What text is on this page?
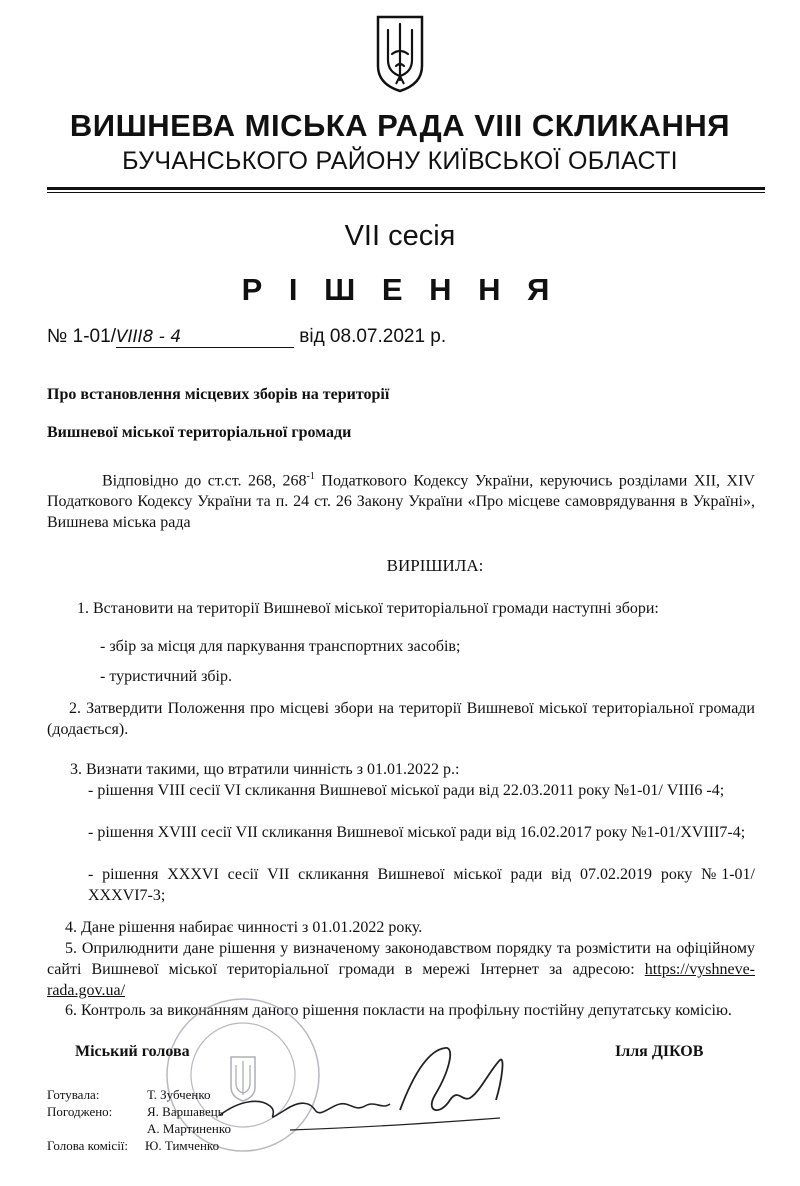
ВИШНЕВА МІСЬКА РАДА VIII СКЛИКАННЯ
БУЧАНСЬКОГО РАЙОНУ КИЇВСЬКОЇ ОБЛАСТІ
VII сесія
Р І Ш Е Н Н Я
№ 1-01/VIII8 - 4	від 08.07.2021 р.
Про встановлення місцевих зборів на території
Вишневої міської територіальної громади
Відповідно до ст.ст. 268, $268^{-1}$ Податкового Кодексу України, керуючись розділами XII, XIV Податкового Кодексу України та п. 24 ст. 26 Закону України «Про місцеве самоврядування в Україні», Вишнева міська рада
ВИРІШИЛА:
1. Встановити на території Вишневої міської територіальної громади наступні збори:
- збір за місця для паркування транспортних засобів;
- туристичний збір.
2. Затвердити Положення про місцеві збори на території Вишневої міської територіальної громади (додається).
3. Визнати такими, що втратили чинність з 01.01.2022 р.:
- рішення VIII сесії VI скликання Вишневої міської ради від 22.03.2011 року №1-01/ VIII6 -4;
- рішення XVIII сесії VII скликання Вишневої міської ради від 16.02.2017 року №1-01/XVIII7-4;
- рішення XXXVI сесії VII скликання Вишневої міської ради від 07.02.2019 року №1-01/ XXXVI7-3;
4. Дане рішення набирає чинності з 01.01.2022 року.
5. Оприлюднити дане рішення у визначеному законодавством порядку та розмістити на офіційному сайті Вишневої міської територіальної громади в мережі Інтернет за адресою: https://vyshneve-rada.gov.ua/
6. Контроль за виконанням даного рішення покласти на профільну постійну депутатську комісію.
Міський голова	Ілля ДІКОВ
Готувала:	Т. Зубченко
Погоджено:	Я. Варшавець
А. Мартиненко
Голова комісії: Ю. Тимченко
